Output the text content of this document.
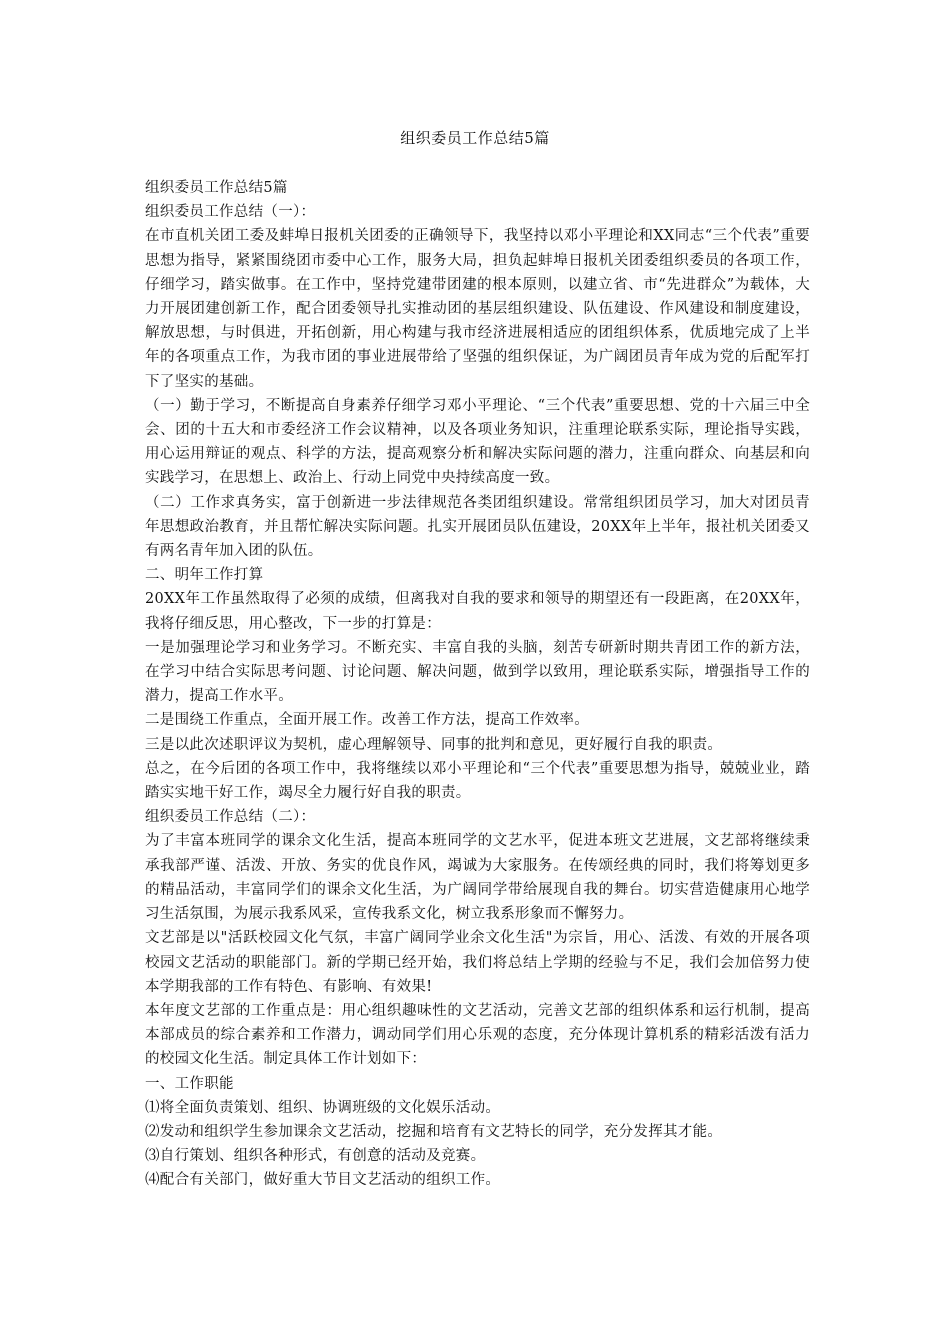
组织委员工作总结5篇

组织委员工作总结5篇

组织委员工作总结（一）：

在市直机关团工委及蚌埠日报机关团委的正确领导下，我坚持以邓小平理论和XX同志“三个代表”重要思想为指导，紧紧围绕团市委中心工作，服务大局，担负起蚌埠日报机关团委组织委员的各项工作，仔细学习，踏实做事。在工作中，坚持党建带团建的根本原则，以建立省、市“先进群众”为载体，大力开展团建创新工作，配合团委领导扎实推动团的基层组织建设、队伍建设、作风建设和制度建设，解放思想，与时俱进，开拓创新，用心构建与我市经济进展相适应的团组织体系，优质地完成了上半年的各项重点工作，为我市团的事业进展带给了坚强的组织保证，为广阔团员青年成为党的后配军打下了坚实的基础。

（一）勤于学习，不断提高自身素养仔细学习邓小平理论、“三个代表”重要思想、党的十六届三中全会、团的十五大和市委经济工作会议精神，以及各项业务知识，注重理论联系实际，理论指导实践，用心运用辩证的观点、科学的方法，提高观察分析和解决实际问题的潜力，注重向群众、向基层和向实践学习，在思想上、政治上、行动上同党中央持续高度一致。

（二）工作求真务实，富于创新进一步法律规范各类团组织建设。常常组织团员学习，加大对团员青年思想政治教育，并且帮忙解决实际问题。扎实开展团员队伍建设，20XX年上半年，报社机关团委又有两名青年加入团的队伍。

二、明年工作打算

20XX年工作虽然取得了必须的成绩，但离我对自我的要求和领导的期望还有一段距离，在20XX年，我将仔细反思，用心整改，下一步的打算是：

一是加强理论学习和业务学习。不断充实、丰富自我的头脑，刻苦专研新时期共青团工作的新方法，在学习中结合实际思考问题、讨论问题、解决问题，做到学以致用，理论联系实际，增强指导工作的潜力，提高工作水平。

二是围绕工作重点，全面开展工作。改善工作方法，提高工作效率。

三是以此次述职评议为契机，虚心理解领导、同事的批判和意见，更好履行自我的职责。

总之，在今后团的各项工作中，我将继续以邓小平理论和“三个代表”重要思想为指导，兢兢业业，踏踏实实地干好工作，竭尽全力履行好自我的职责。

组织委员工作总结（二）：

为了丰富本班同学的课余文化生活，提高本班同学的文艺水平，促进本班文艺进展，文艺部将继续秉承我部严谨、活泼、开放、务实的优良作风，竭诚为大家服务。在传颂经典的同时，我们将筹划更多的精品活动，丰富同学们的课余文化生活，为广阔同学带给展现自我的舞台。切实营造健康用心地学习生活氛围，为展示我系风采，宣传我系文化，树立我系形象而不懈努力。

文艺部是以"活跃校园文化气氛，丰富广阔同学业余文化生活"为宗旨，用心、活泼、有效的开展各项校园文艺活动的职能部门。新的学期已经开始，我们将总结上学期的经验与不足，我们会加倍努力使本学期我部的工作有特色、有影响、有效果!

本年度文艺部的工作重点是：用心组织趣味性的文艺活动，完善文艺部的组织体系和运行机制，提高本部成员的综合素养和工作潜力，调动同学们用心乐观的态度，充分体现计算机系的精彩活泼有活力的校园文化生活。制定具体工作计划如下：

一、工作职能

⑴将全面负责策划、组织、协调班级的文化娱乐活动。

⑵发动和组织学生参加课余文艺活动，挖掘和培育有文艺特长的同学，充分发挥其才能。

⑶自行策划、组织各种形式，有创意的活动及竞赛。

⑷配合有关部门，做好重大节目文艺活动的组织工作。
